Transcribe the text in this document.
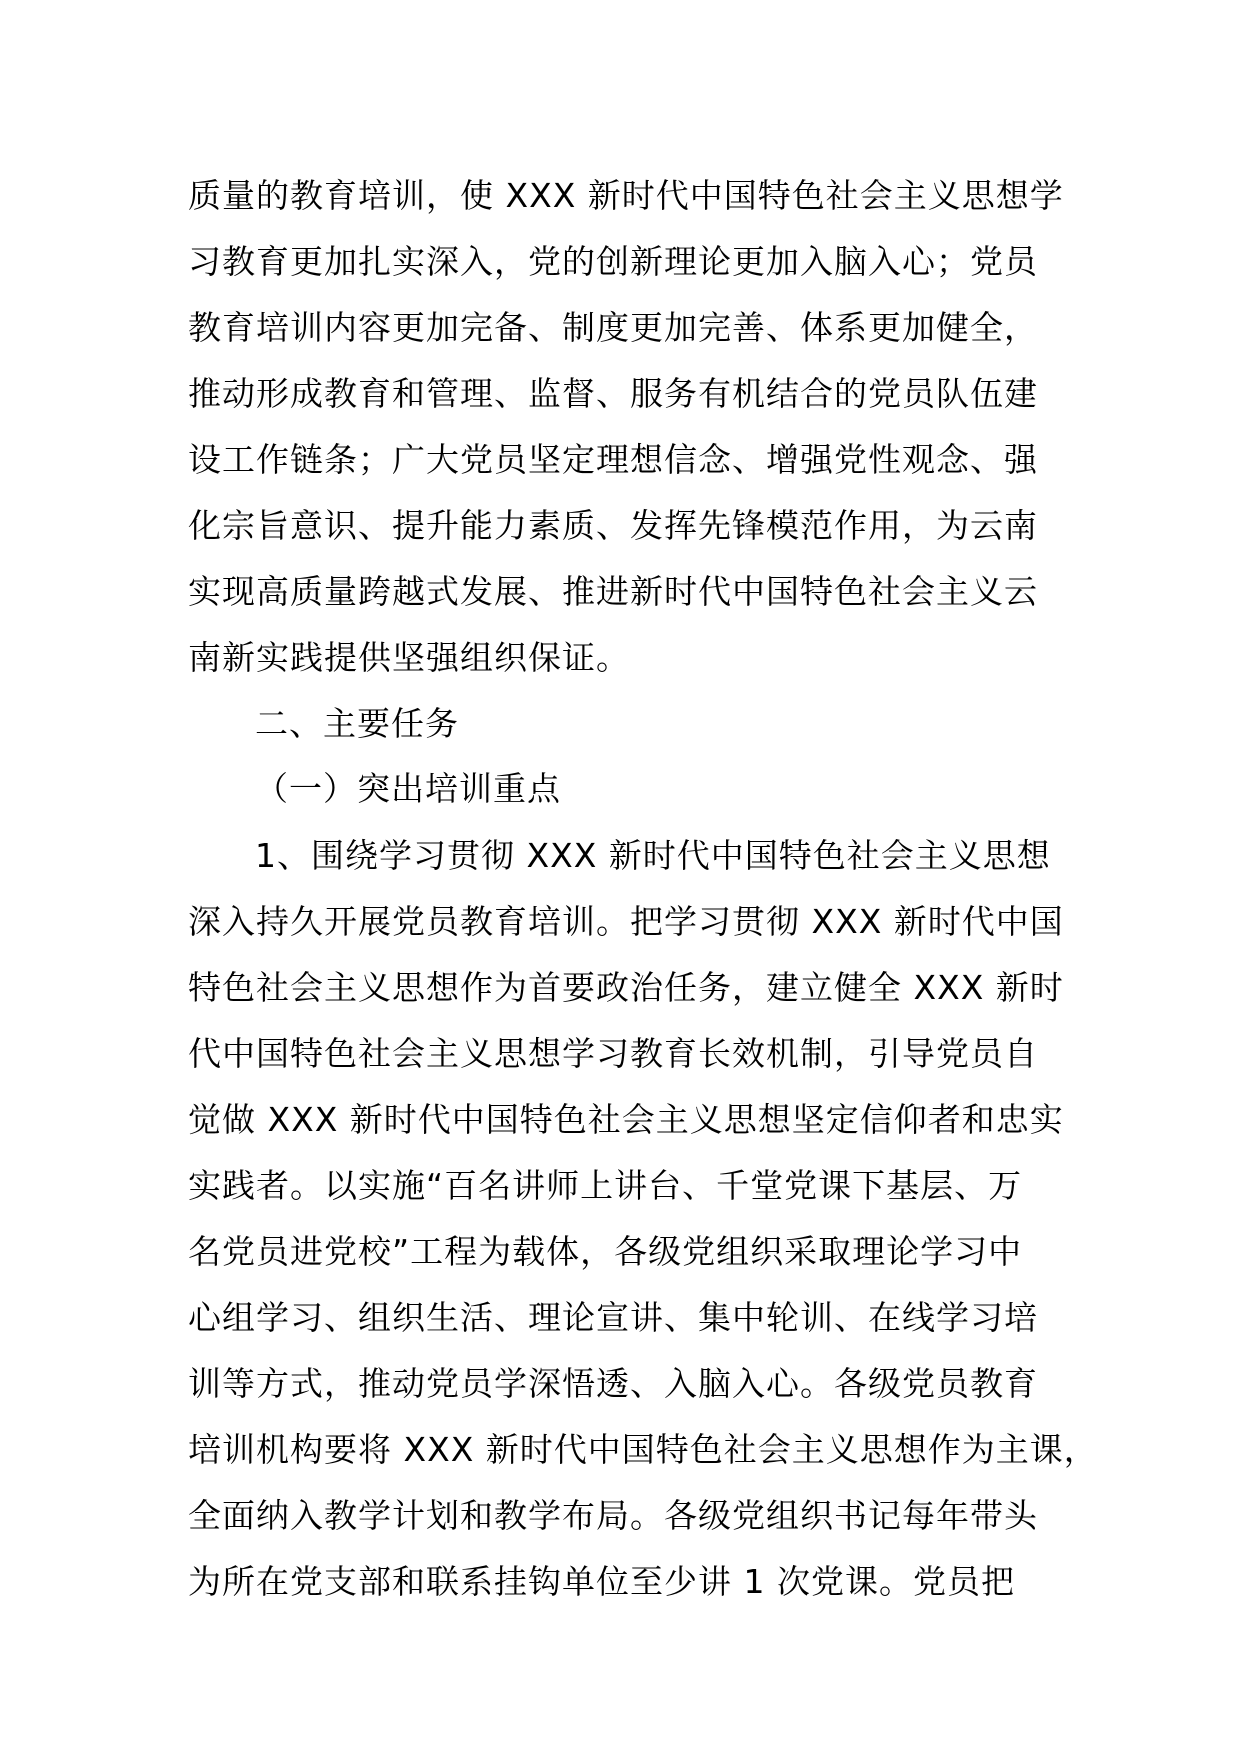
质量的教育培训，使 XXX 新时代中国特色社会主义思想学
习教育更加扎实深入，党的创新理论更加入脑入心；党员
教育培训内容更加完备、制度更加完善、体系更加健全，
推动形成教育和管理、监督、服务有机结合的党员队伍建
设工作链条；广大党员坚定理想信念、增强党性观念、强
化宗旨意识、提升能力素质、发挥先锋模范作用，为云南
实现高质量跨越式发展、推进新时代中国特色社会主义云
南新实践提供坚强组织保证。
二、主要任务
（一）突出培训重点
1、围绕学习贯彻 XXX 新时代中国特色社会主义思想
深入持久开展党员教育培训。把学习贯彻 XXX 新时代中国
特色社会主义思想作为首要政治任务，建立健全 XXX 新时
代中国特色社会主义思想学习教育长效机制，引导党员自
觉做 XXX 新时代中国特色社会主义思想坚定信仰者和忠实
实践者。以实施“百名讲师上讲台、千堂党课下基层、万
名党员进党校”工程为载体，各级党组织采取理论学习中
心组学习、组织生活、理论宣讲、集中轮训、在线学习培
训等方式，推动党员学深悟透、入脑入心。各级党员教育
培训机构要将 XXX 新时代中国特色社会主义思想作为主课，
全面纳入教学计划和教学布局。各级党组织书记每年带头
为所在党支部和联系挂钩单位至少讲 1 次党课。党员把
